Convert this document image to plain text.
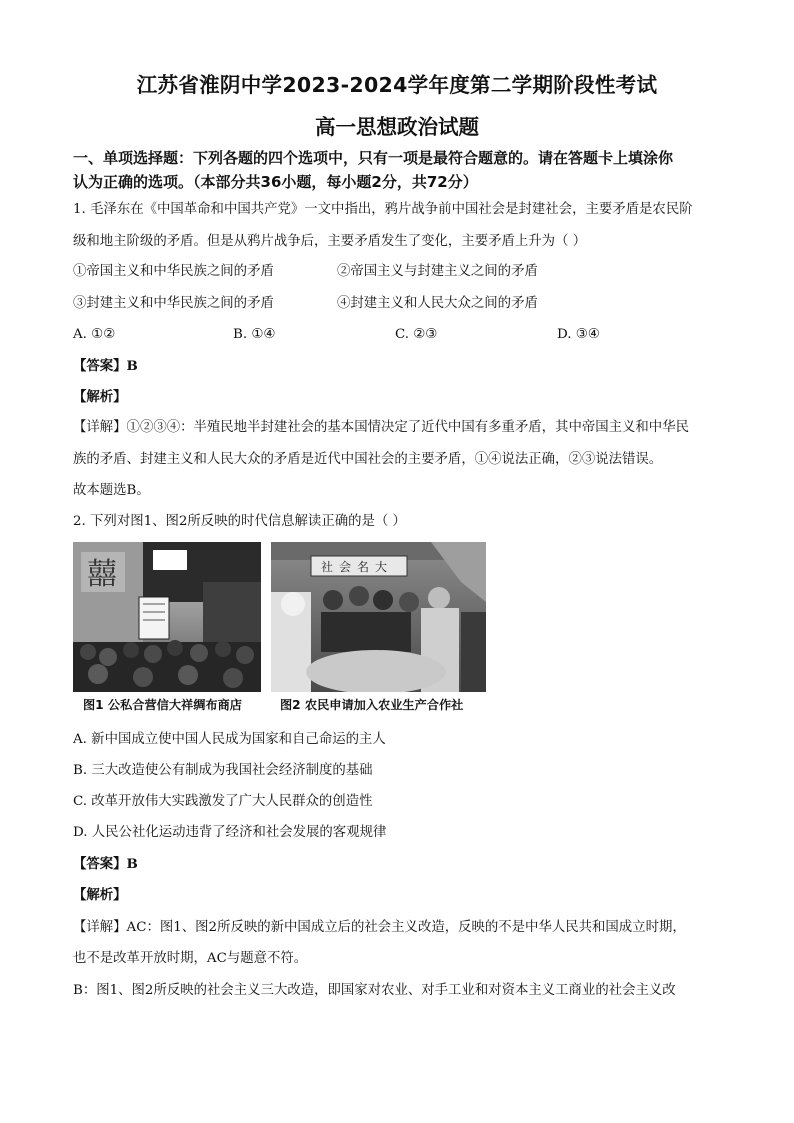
江苏省淮阴中学2023-2024学年度第二学期阶段性考试
高一思想政治试题
一、单项选择题：下列各题的四个选项中，只有一项是最符合题意的。请在答题卡上填涂你
认为正确的选项。（本部分共36小题，每小题2分，共72分）
1. 毛泽东在《中国革命和中国共产党》一文中指出，鸦片战争前中国社会是封建社会，主要矛盾是农民阶
级和地主阶级的矛盾。但是从鸦片战争后，主要矛盾发生了变化，主要矛盾上升为（ ）
①帝国主义和中华民族之间的矛盾	②帝国主义与封建主义之间的矛盾
③封建主义和中华民族之间的矛盾	④封建主义和人民大众之间的矛盾
A. ①②	B. ①④	C. ②③	D. ③④
【答案】B
【解析】
【详解】①②③④：半殖民地半封建社会的基本国情决定了近代中国有多重矛盾，其中帝国主义和中华民
族的矛盾、封建主义和人民大众的矛盾是近代中国社会的主要矛盾，①④说法正确，②③说法错误。
故本题选B。
2. 下列对图1、图2所反映的时代信息解读正确的是（ ）
囍	社会名大
图1 公私合营信大祥绸布商店	图2 农民申请加入农业生产合作社
A. 新中国成立使中国人民成为国家和自己命运的主人
B. 三大改造使公有制成为我国社会经济制度的基础
C. 改革开放伟大实践激发了广大人民群众的创造性
D. 人民公社化运动违背了经济和社会发展的客观规律
【答案】B
【解析】
【详解】AC：图1、图2所反映的新中国成立后的社会主义改造，反映的不是中华人民共和国成立时期，
也不是改革开放时期，AC与题意不符。
B：图1、图2所反映的社会主义三大改造，即国家对农业、对手工业和对资本主义工商业的社会主义改
